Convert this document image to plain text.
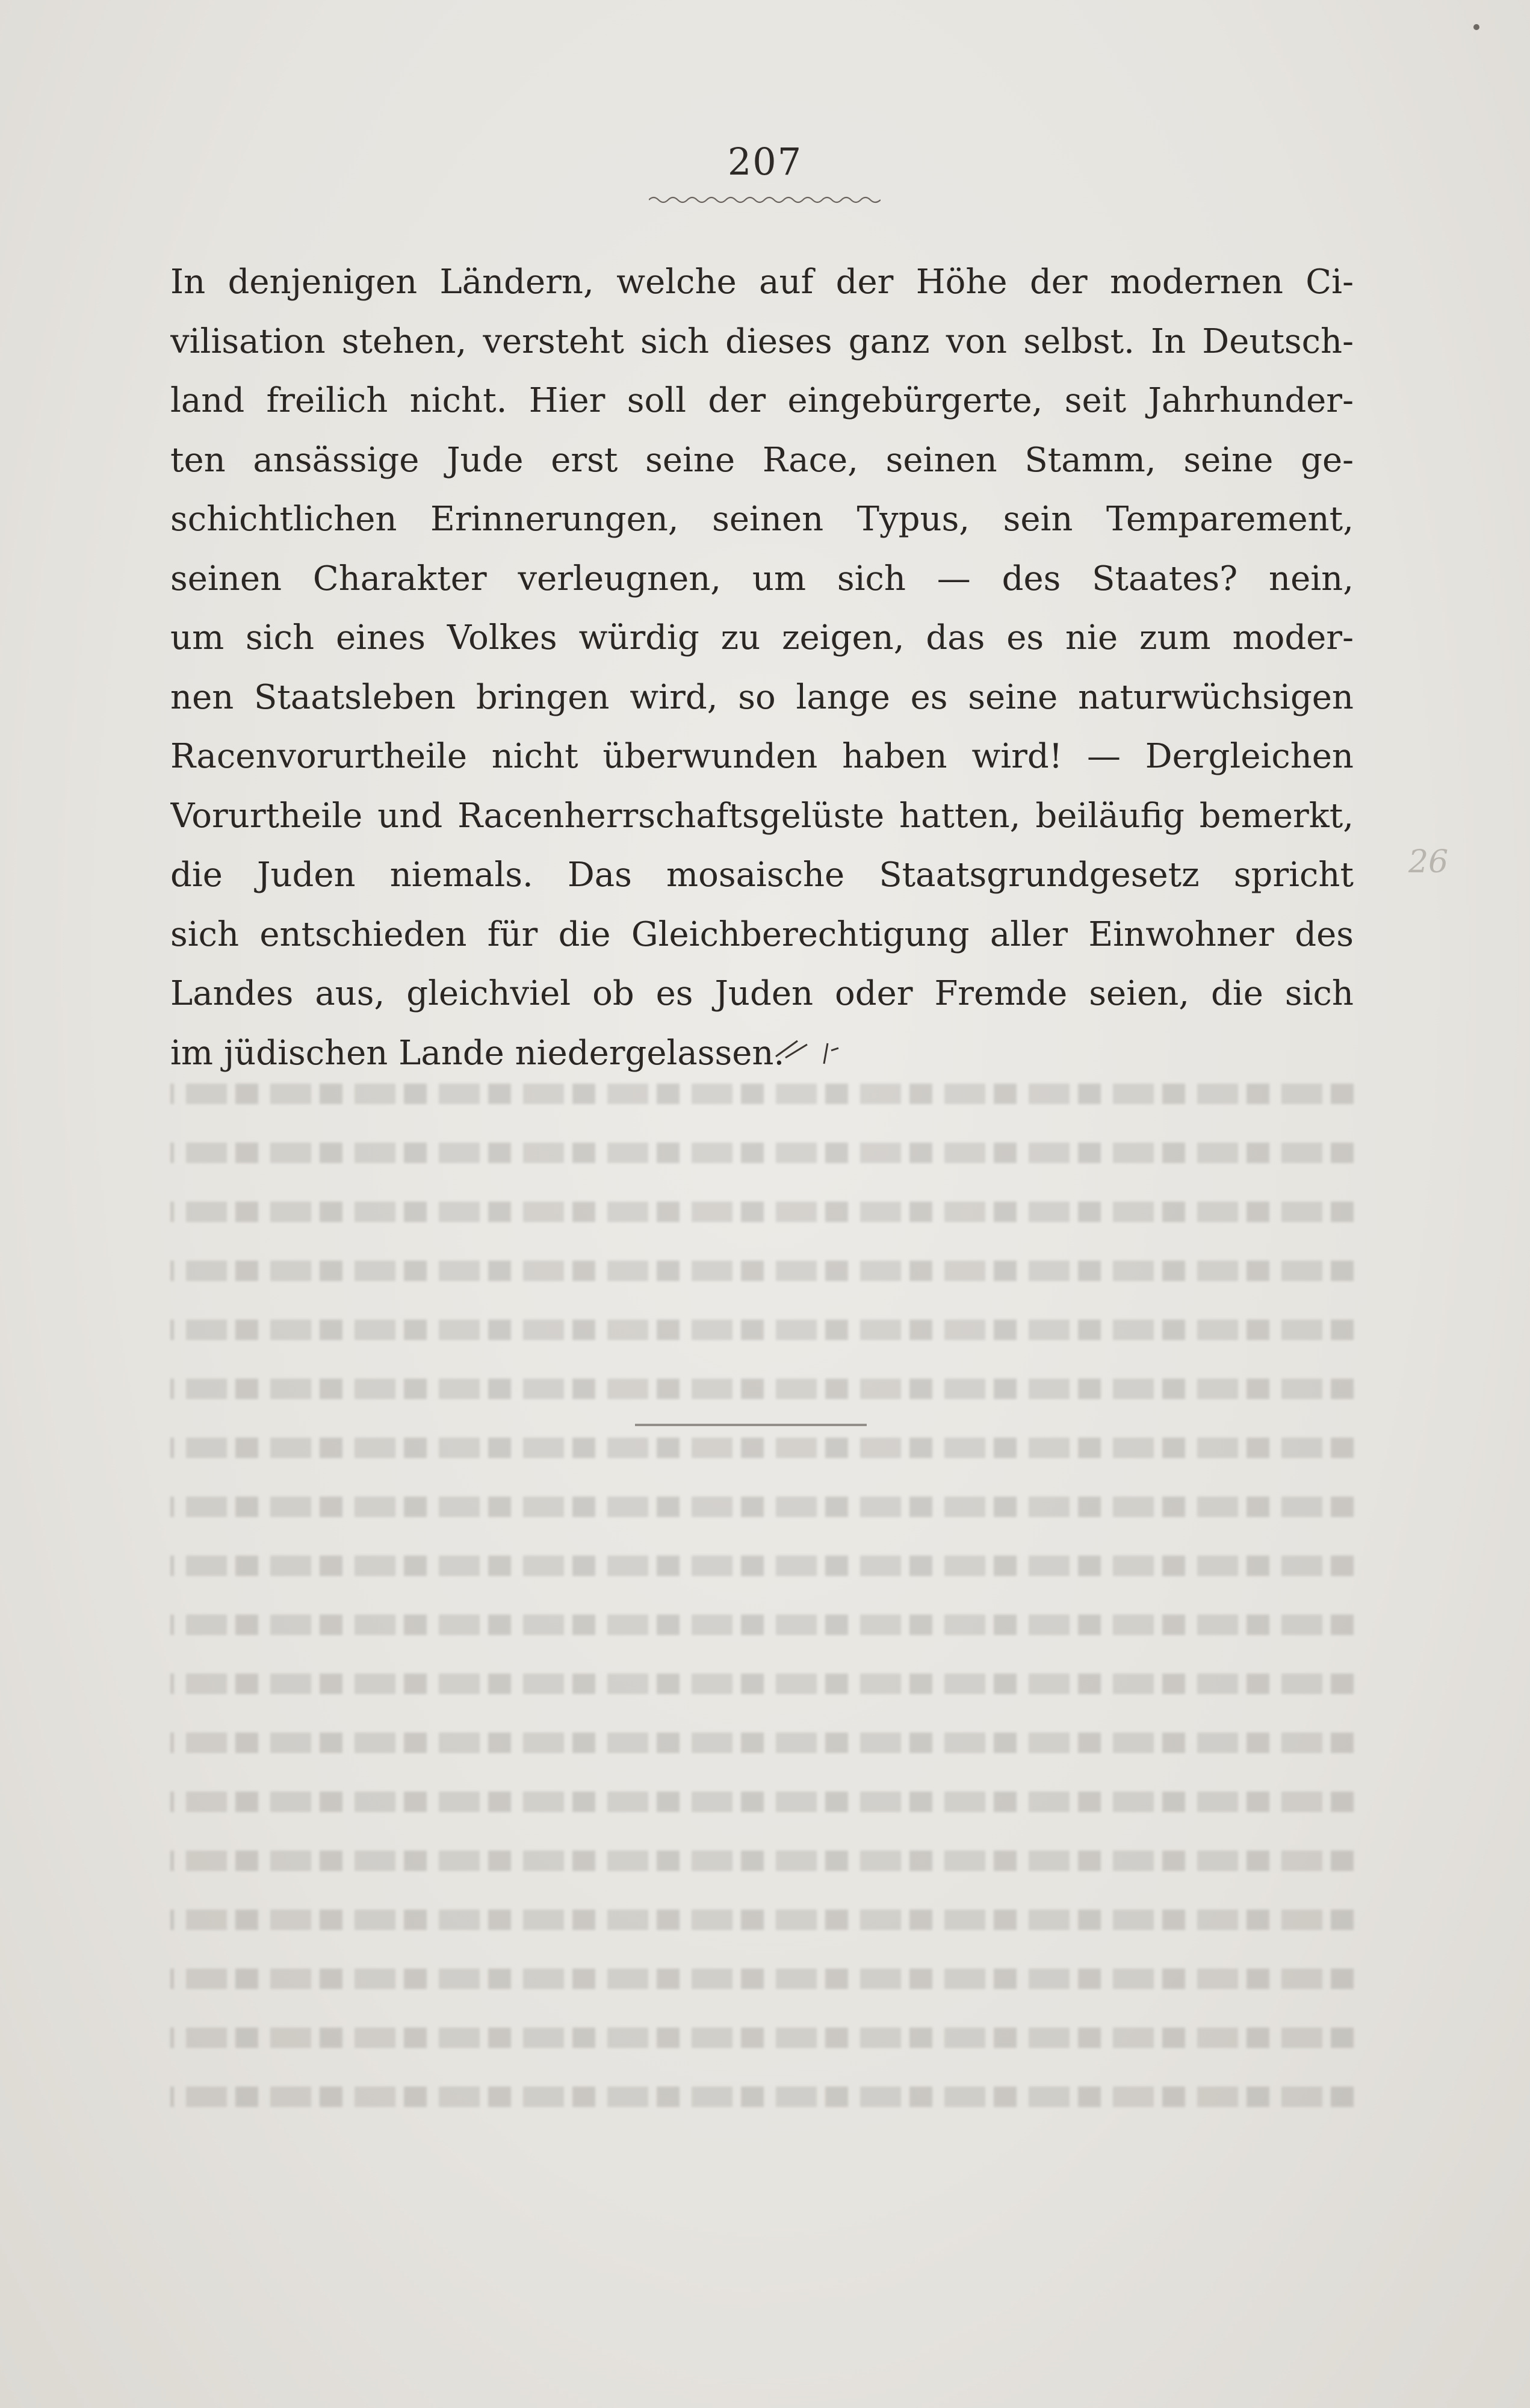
207
In denjenigen Ländern, welche auf der Höhe der modernen Ci-
vilisation stehen, versteht sich dieses ganz von selbst. In Deutsch-
land freilich nicht. Hier soll der eingebürgerte, seit Jahrhunder-
ten ansässige Jude erst seine Race, seinen Stamm, seine ge-
schichtlichen Erinnerungen, seinen Typus, sein Temparement,
seinen Charakter verleugnen, um sich — des Staates? nein,
um sich eines Volkes würdig zu zeigen, das es nie zum moder-
nen Staatsleben bringen wird, so lange es seine naturwüchsigen
Racenvorurtheile nicht überwunden haben wird! — Dergleichen
Vorurtheile und Racenherrschaftsgelüste hatten, beiläufig bemerkt,
die Juden niemals. Das mosaische Staatsgrundgesetz spricht
sich entschieden für die Gleichberechtigung aller Einwohner des
Landes aus, gleichviel ob es Juden oder Fremde seien, die sich
im jüdischen Lande niedergelassen.
26
